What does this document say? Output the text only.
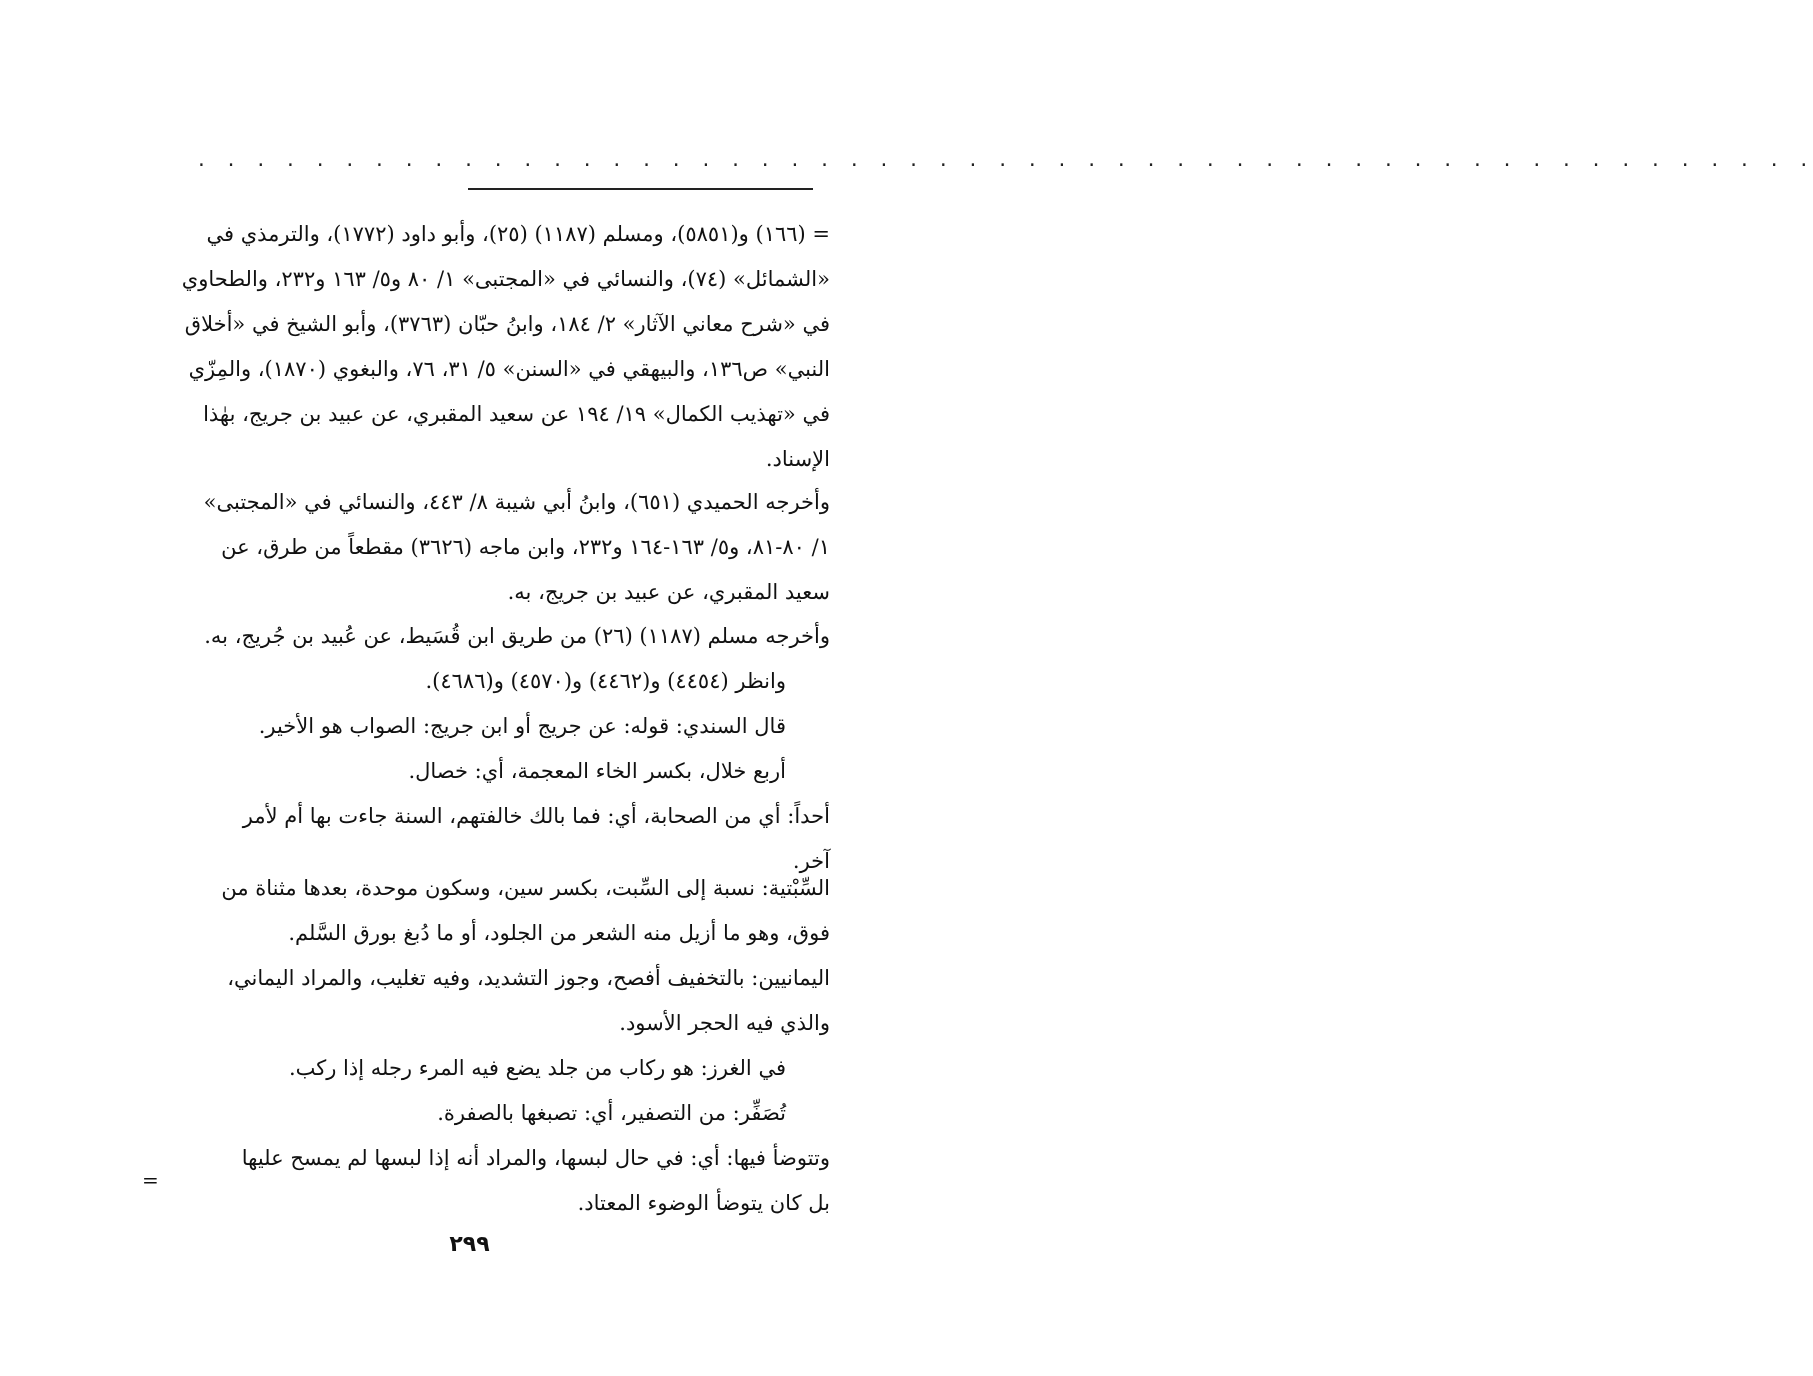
. . . . . . . . . . . . . . . . . . . . . . . . . . . . . . . . . . . . . . . . . . . . . . . . . . . . . . .
= (١٦٦) و(٥٨٥١)، ومسلم (١١٨٧) (٢٥)، وأبو داود (١٧٧٢)، والترمذي في
«الشمائل» (٧٤)، والنسائي في «المجتبى» ١/ ٨٠ و٥/ ١٦٣ و٢٣٢، والطحاوي
في «شرح معاني الآثار» ٢/ ١٨٤، وابنُ حبّان (٣٧٦٣)، وأبو الشيخ في «أخلاق
النبي» ص١٣٦، والبيهقي في «السنن» ٥/ ٣١، ٧٦، والبغوي (١٨٧٠)، والمِزّي
في «تهذيب الكمال» ١٩/ ١٩٤ عن سعيد المقبري، عن عبيد بن جريج، بهٰذا
الإسناد.
وأخرجه الحميدي (٦٥١)، وابنُ أبي شيبة ٨/ ٤٤٣، والنسائي في «المجتبى»
١/ ٨٠-٨١، و٥/ ١٦٣-١٦٤ و٢٣٢، وابن ماجه (٣٦٢٦) مقطعاً من طرق، عن
سعيد المقبري، عن عبيد بن جريج، به.
وأخرجه مسلم (١١٨٧) (٢٦) من طريق ابن قُسَيط، عن عُبيد بن جُريج، به.
وانظر (٤٤٥٤) و(٤٤٦٢) و(٤٥٧٠) و(٤٦٨٦).
قال السندي: قوله: عن جريج أو ابن جريج: الصواب هو الأخير.
أربع خلال، بكسر الخاء المعجمة، أي: خصال.
أحداً: أي من الصحابة، أي: فما بالك خالفتهم، السنة جاءت بها أم لأمر
آخر.
السِّبْتية: نسبة إلى السِّبت، بكسر سين، وسكون موحدة، بعدها مثناة من
فوق، وهو ما أزيل منه الشعر من الجلود، أو ما دُبغ بورق السَّلم.
اليمانيين: بالتخفيف أفصح، وجوز التشديد، وفيه تغليب، والمراد اليماني،
والذي فيه الحجر الأسود.
في الغرز: هو ركاب من جلد يضع فيه المرء رجله إذا ركب.
تُصَفِّر: من التصفير، أي: تصبغها بالصفرة.
وتتوضأ فيها: أي: في حال لبسها، والمراد أنه إذا لبسها لم يمسح عليها
بل كان يتوضأ الوضوء المعتاد.
=
٢٩٩
